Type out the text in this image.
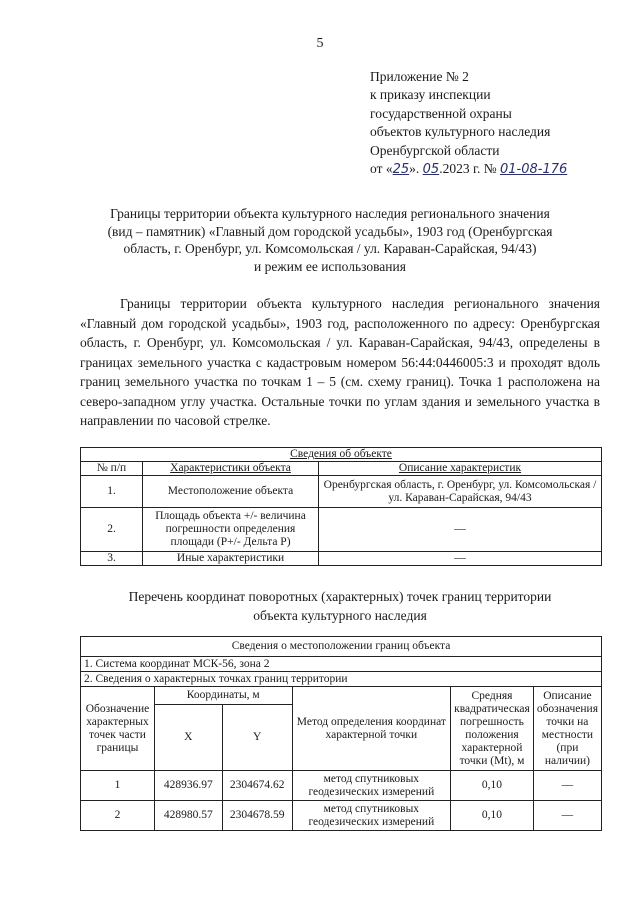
5
Приложение № 2
к приказу инспекции
государственной охраны
объектов культурного наследия
Оренбургской области
от «25». 05.2023 г. № 01-08-176
Границы территории объекта культурного наследия регионального значения
(вид – памятник) «Главный дом городской усадьбы», 1903 год (Оренбургская
область, г. Оренбург, ул. Комсомольская / ул. Караван-Сарайская, 94/43)
и режим ее использования
Границы территории объекта культурного наследия регионального значения «Главный дом городской усадьбы», 1903 год, расположенного по адресу: Оренбургская область, г. Оренбург, ул. Комсомольская / ул. Караван-Сарайская, 94/43, определены в границах земельного участка с кадастровым номером 56:44:0446005:3 и проходят вдоль границ земельного участка по точкам 1 – 5 (см. схему границ). Точка 1 расположена на северо-западном углу участка. Остальные точки по углам здания и земельного участка в направлении по часовой стрелке.
Сведения об объекте		
№ п/п	Характеристики объекта	Описание характеристик
1.	Местоположение объекта	Оренбургская область, г. Оренбург, ул. Комсомольская / ул. Караван-Сарайская, 94/43
2.	Площадь объекта +/- величина погрешности определения площади (P+/- Дельта P)	—
3.	Иные характеристики	—
Перечень координат поворотных (характерных) точек границ территории
объекта культурного наследия
Сведения о местоположении границ объекта					
1. Система координат МСК-56, зона 2					
2. Сведения о характерных точках границ территории					
Обозначение характерных точек части границы	Координаты, м		Метод определения координат характерной точки	Средняя квадратическая погрешность положения характерной точки (Mt), м	Описание обозначения точки на местности (при наличии)
	X	Y			
1	428936.97	2304674.62	метод спутниковых геодезических измерений	0,10	—
2	428980.57	2304678.59	метод спутниковых геодезических измерений	0,10	—
